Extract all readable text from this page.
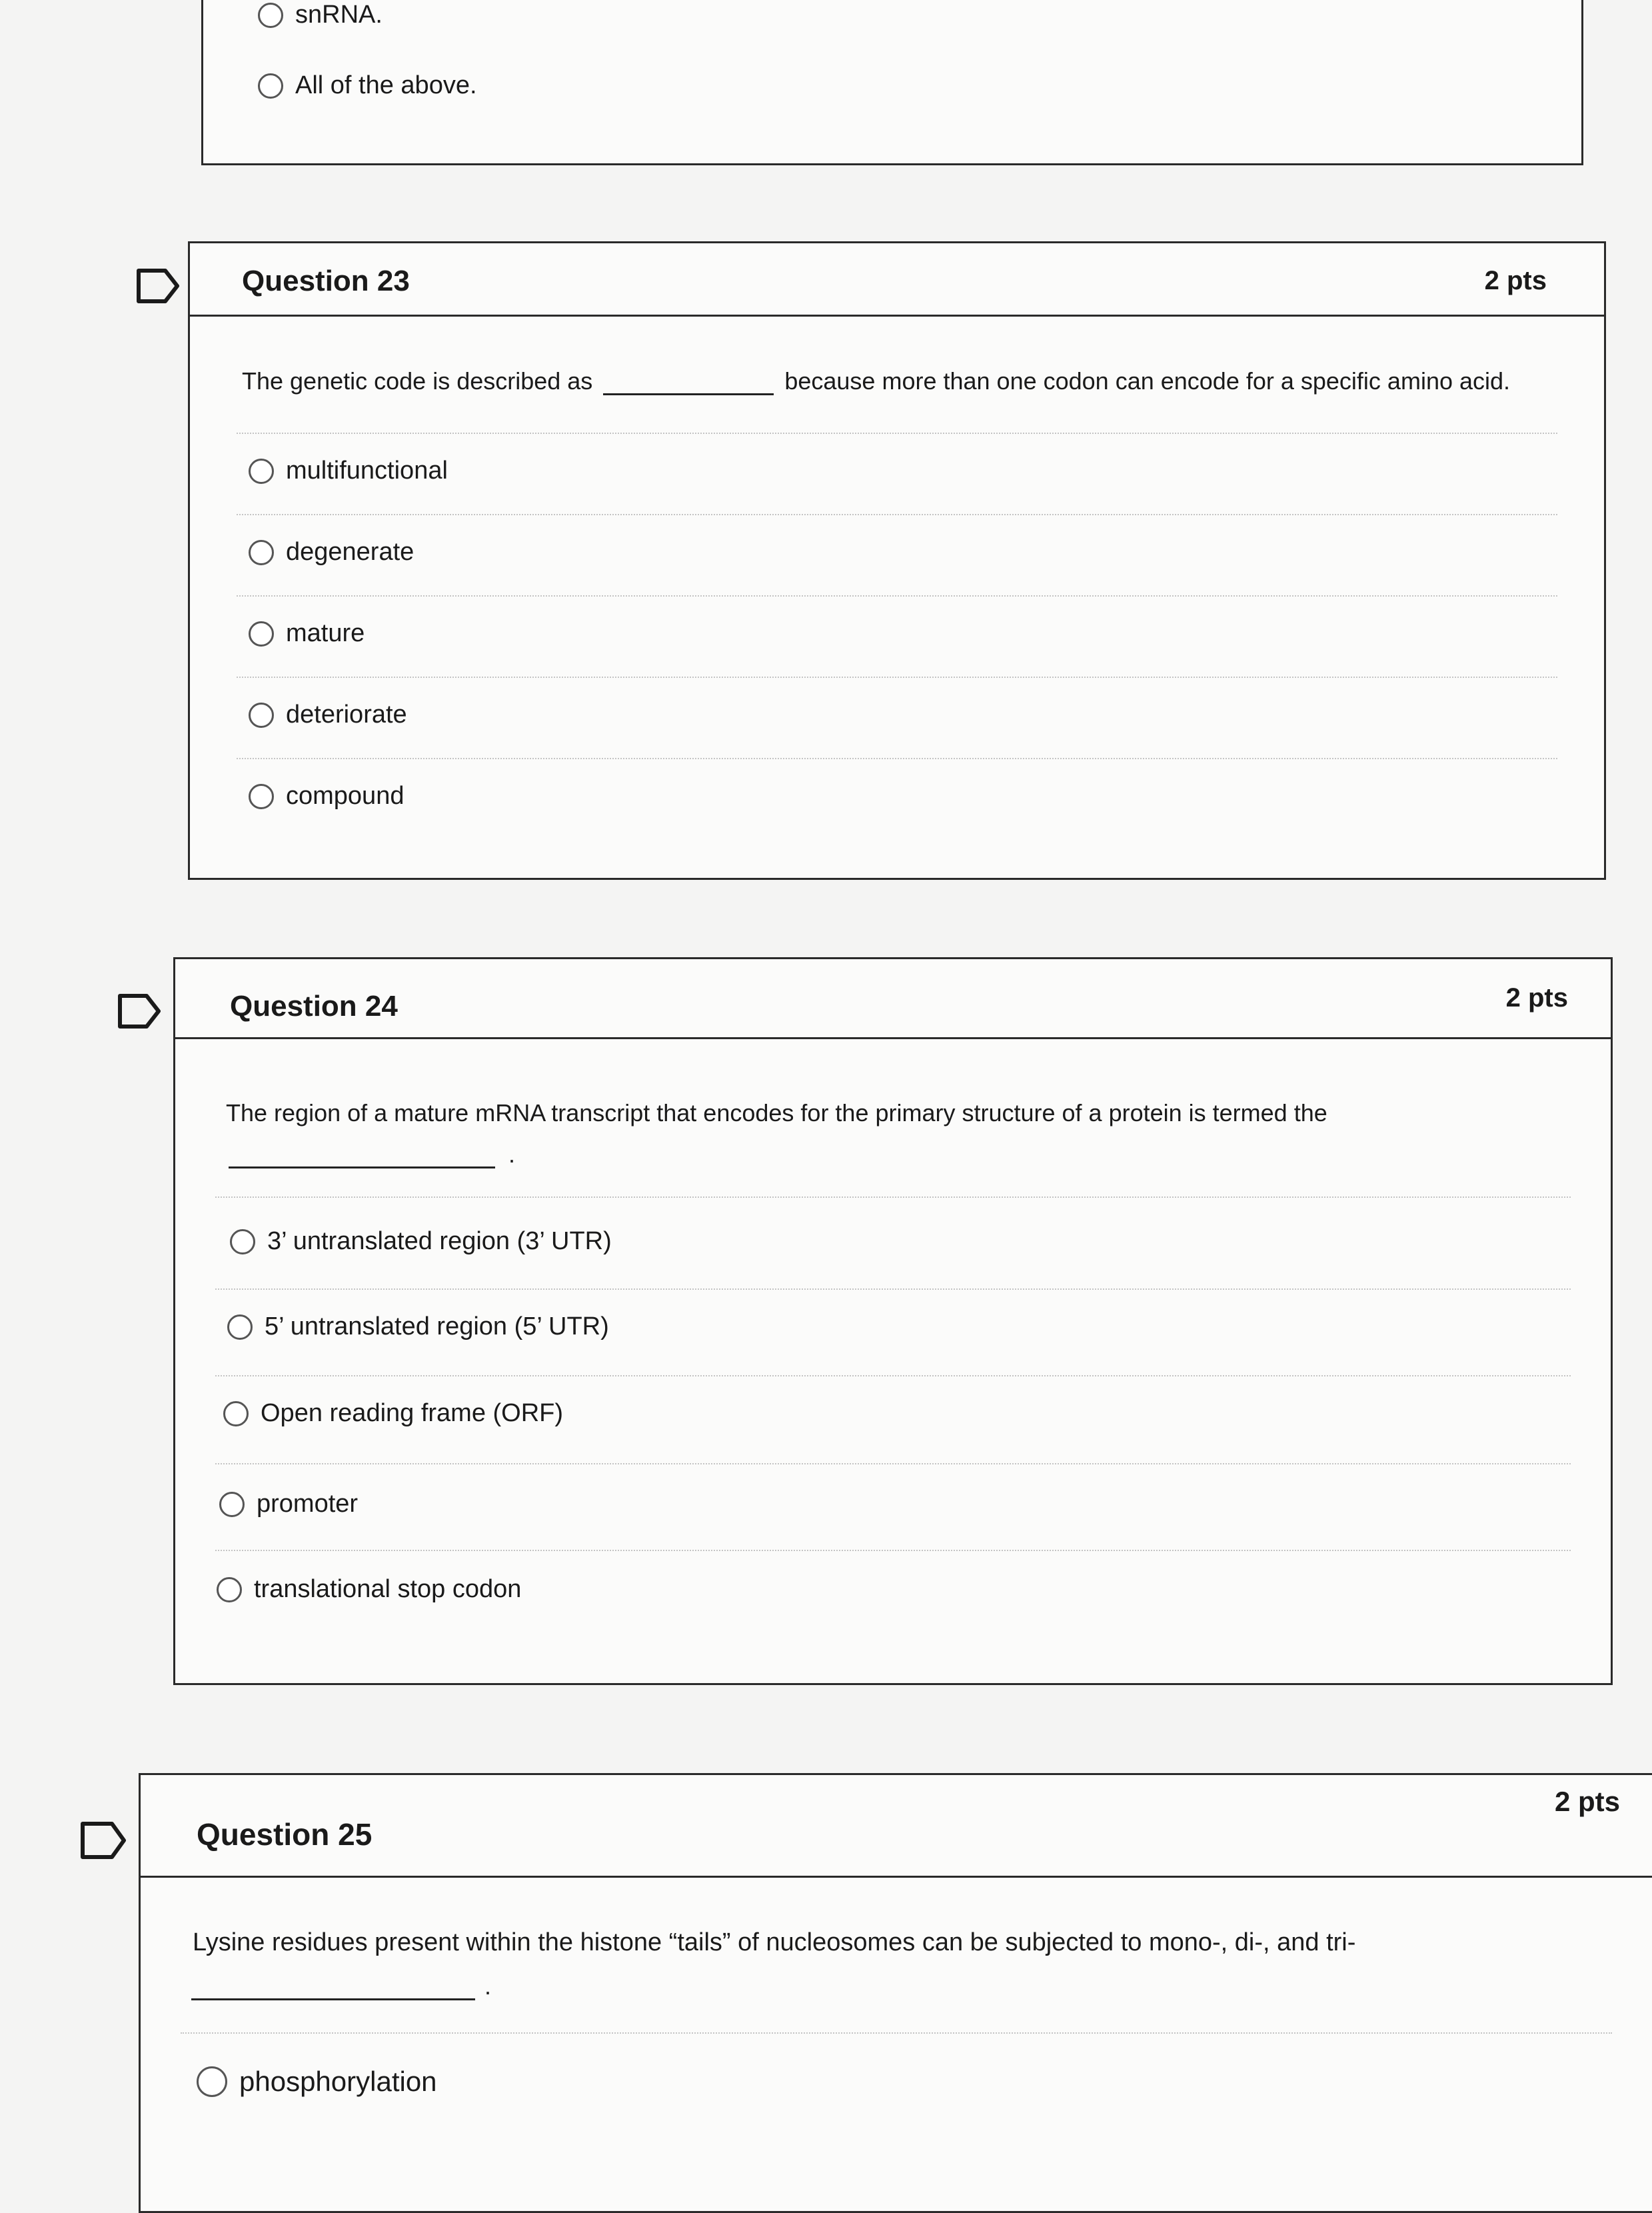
snRNA.
All of the above.
Question 23	2 pts
The genetic code is described as	because more than one codon can encode for a specific amino acid.
multifunctional
degenerate
mature
deteriorate
compound
Question 24	2 pts
The region of a mature mRNA transcript that encodes for the primary structure of a protein is termed the
.
3’ untranslated region (3’ UTR)
5’ untranslated region (5’ UTR)
Open reading frame (ORF)
promoter
translational stop codon
Question 25
2 pts
Lysine residues present within the histone “tails” of nucleosomes can be subjected to mono-, di-, and tri-
.
phosphorylation
